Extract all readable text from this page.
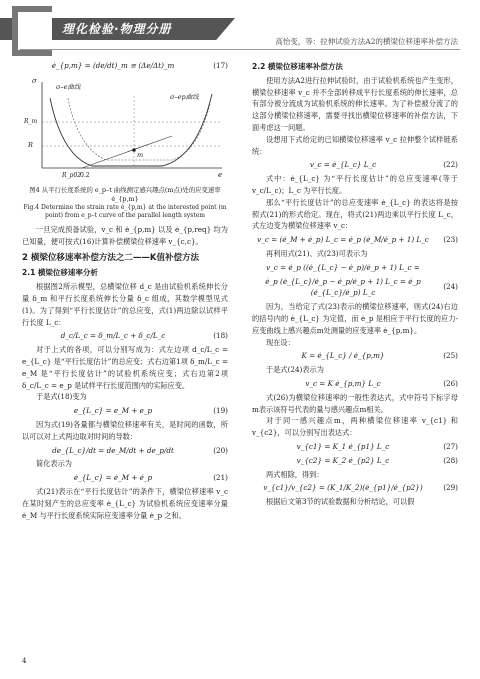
理化检验·物理分册
高怡变，等：拉伸试验方法A2的横梁位移速率补偿方法
ė_{p,m} = (de/dt)_m ≅ (Δe/Δt)_m	(17)
σ–e曲线
σ–ep曲线
σ
e
R
R_p02
R_m
0.2
m
图4 从平行长度系统的 e_p–t 曲线测定感兴趣点(m点)处的应变速率 ė_{p,m}
Fig.4 Determine the strain rate ė_{p,m} at the interested point (m point) from e_p–t curve of the parallel length system

一旦完成预备试验，v_c 和 ė_{p,m} 以及 ė_{p,req} 均为已知量，便可按式(16)计算补偿横梁位移速率 v_{c,c}。

2 横梁位移速率补偿方法之二——K值补偿方法
2.1 横梁位移速率分析

根据图2所示模型，总横梁位移 d_c 是由试验机系统伸长分量 δ_m 和平行长度系统伸长分量 δ_c 组成，其数学模型见式(1)。为了得到“平行长度估计”的总应变，式(1)两边除以试样平行长度 L_c：

d_c/L_c = δ_m/L_c + δ_c/L_c	(18)

对于上式的各项，可以分别写成为：式左边项 d_c/L_c = e_{L_c} 是“平行长度估计”的总应变；式右边第1项 δ_m/L_c = e_M 是“平行长度估计”的试验机系统应变；式右边第2项 δ_c/L_c = e_p 是试样平行长度范围内的实际应变。

于是式(18)变为

e_{L_c} = e_M + e_p	(19)

因为式(19)各量都与横梁位移速率有关，是时间的函数，所以可以对上式两边取对时间的导数：

de_{L_c}/dt = de_M/dt + de_p/dt	(20)

简化表示为

ė_{L_c} = ė_M + ė_p	(21)

式(21)表示在“平行长度估计”的条件下，横梁位移速率 v_c 在某时刻产生的总应变率 ė_{L_c} 为试验机系统应变速率分量 ė_M 与平行长度系统实际应变速率分量 ė_p 之和。

2.2 横梁位移速率补偿方法

使用方法A2进行拉伸试验时，由于试验机系统也产生变形，横梁位移速率 v_c 并不全部转移成平行长度系统的伸长速率，总有部分被分流成为试验机系统的伸长速率。为了补偿被分流了的这部分横梁位移速率，需要寻找出横梁位移速率的补偿方法，下面考虑这一问题。

设想用下式给定的已知横梁位移速率 v_c 拉伸整个试样链系统：

v_c = ė_{L_c} L_c	(22)

式中：ė_{L_c} 为“平行长度估计”的总应变速率(等于 v_c/L_c)；L_c 为平行长度。

那么“平行长度估计”的总应变速率 ė_{L_c} 的表达将是按照式(21)的形式给定。现在，将式(21)两边乘以平行长度 L_c，式左边变为横梁位移速率 v_c：

v_c = (ė_M + ė_p) L_c = ė_p (ė_M/ė_p + 1) L_c	(23)

再利用式(21)、式(23)可表示为

v_c = ė_p ((ė_{L_c} − ė_p)/ė_p + 1) L_c =
ė_p (ė_{L_c}/ė_p − ė_p/ė_p + 1) L_c = ė_p (ė_{L_c}/ė_p) L_c
(24)

因为，当给定了式(23)表示的横梁位移速率，则式(24)右边的括号内的 ė_{L_c} 为定值，而 ė_p 是相应于平行长度的应力-应变曲线上感兴趣点m处测量的应变速率 ė_{p,m}。

现在设：

K = ė_{L_c} / ė_{p,m}	(25)

于是式(24)表示为

v_c = K ė_{p,m} L_c	(26)

式(26)为横梁位移速率的一般性表达式，式中符号下标字母m表示该符号代表的量与感兴趣点m相关。

对于同一感兴趣点m，两种横梁位移速率 v_{c1} 和 v_{c2}，可以分别写出表达式：

v_{c1} = K_1 ė_{p1} L_c	(27)
v_{c2} = K_2 ė_{p2} L_c	(28)

两式相除，得到：

v_{c1}/v_{c2} = (K_1/K_2)(ė_{p1}/ė_{p2})	(29)

根据后文第3节的试验数据和分析结论，可以假

4
